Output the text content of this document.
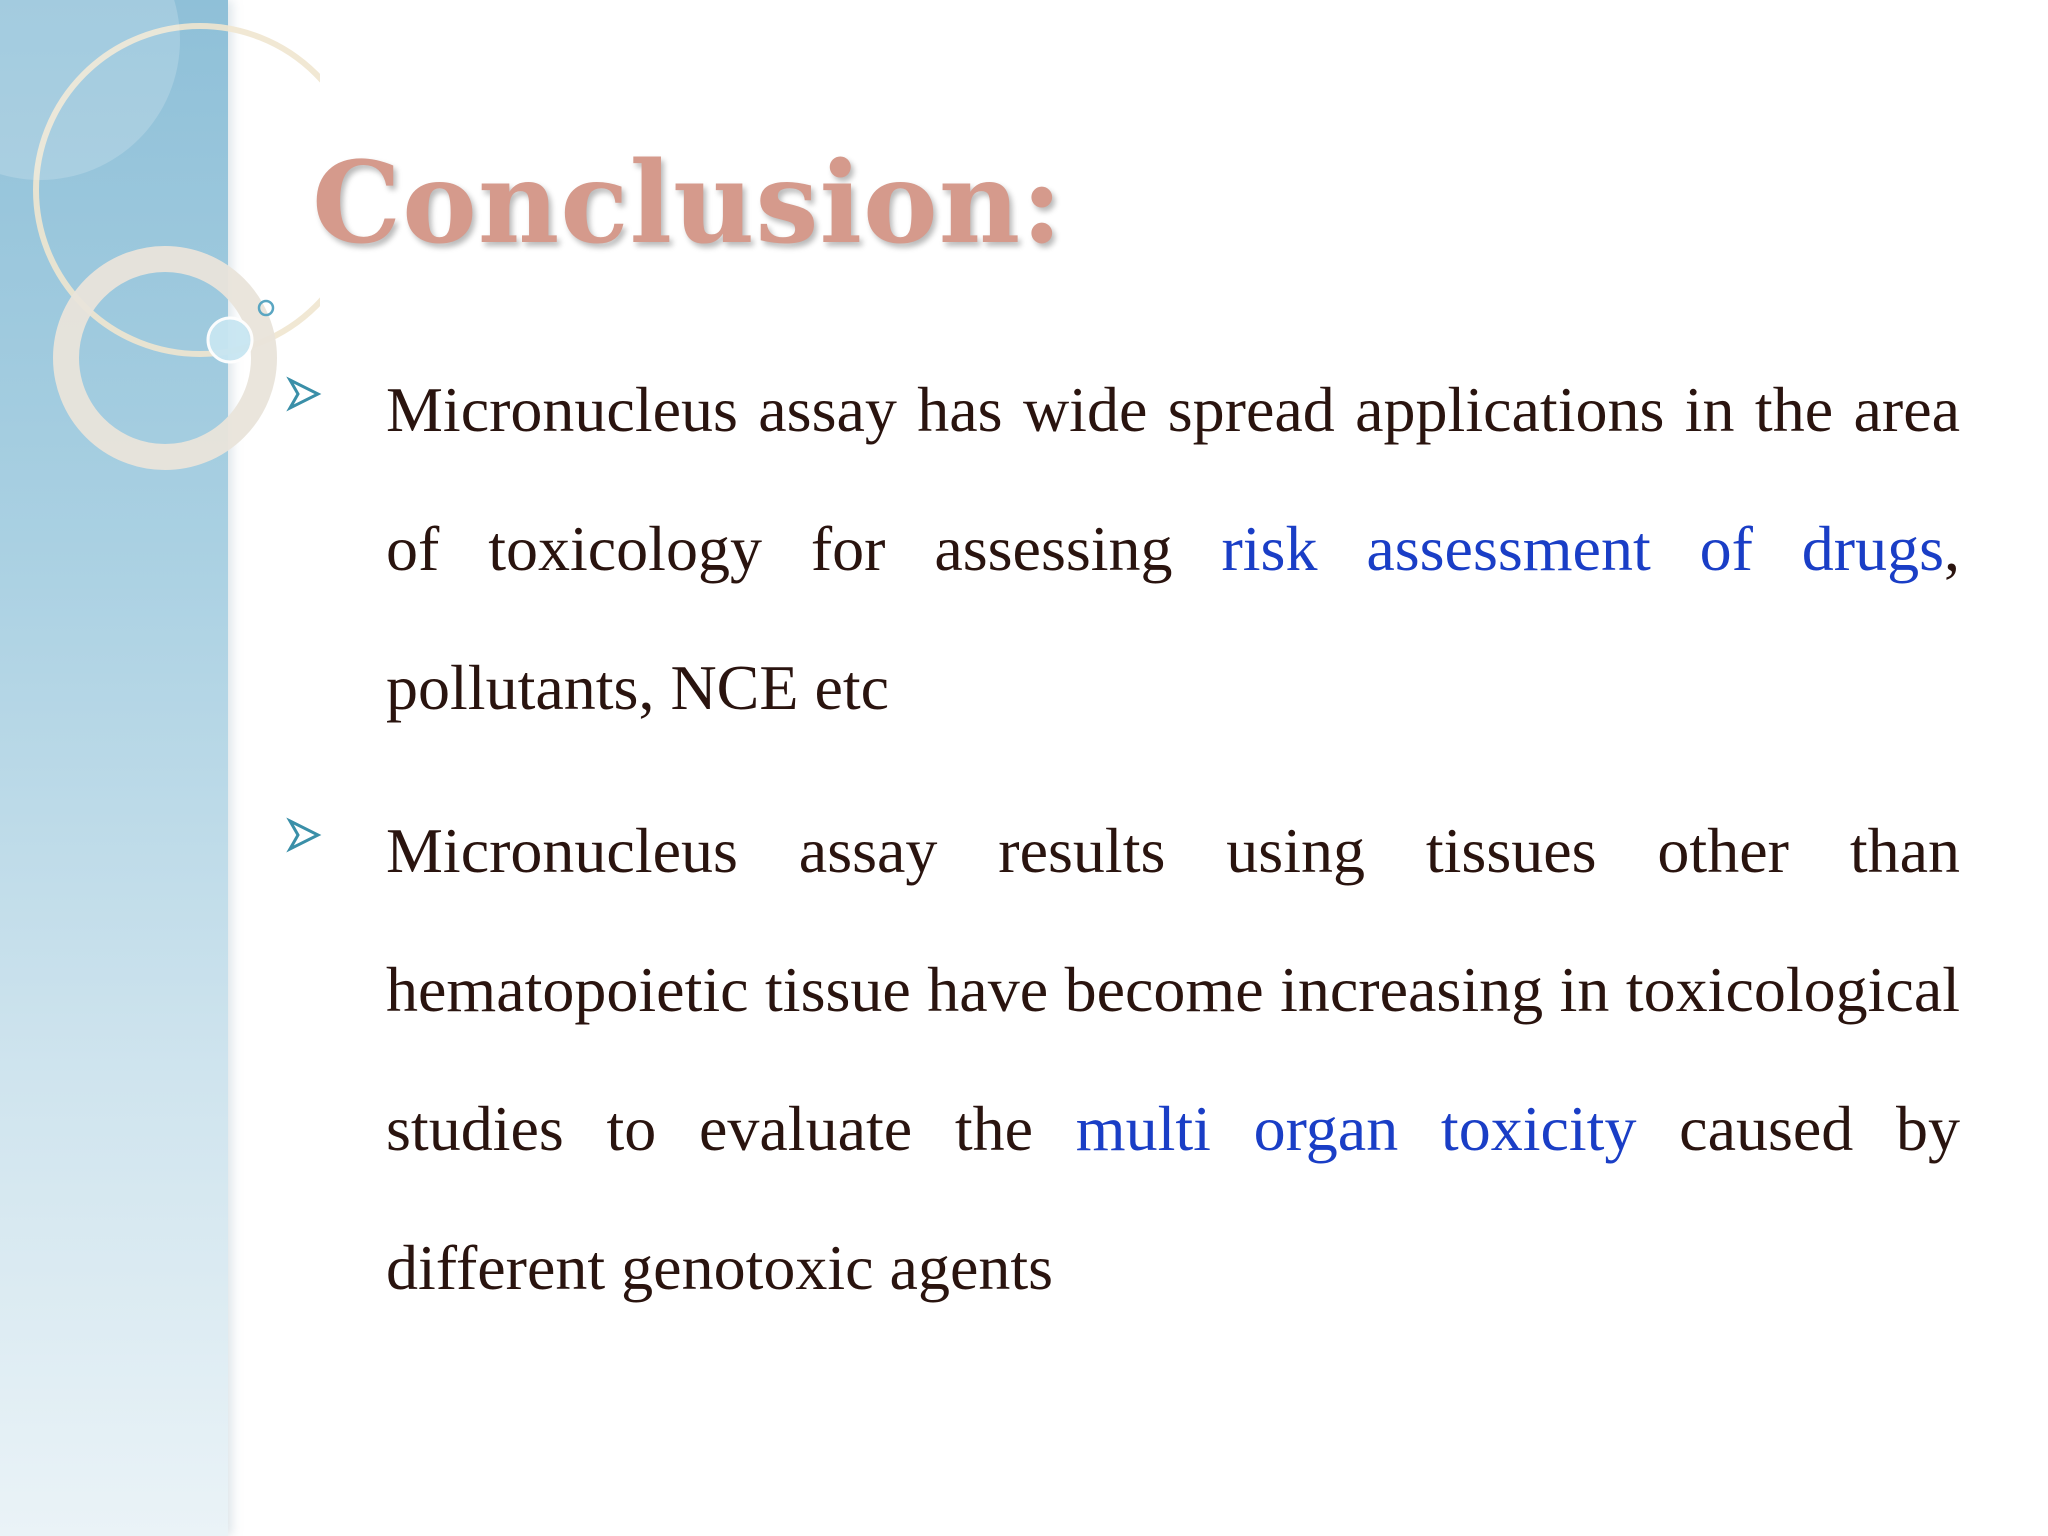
Conclusion:
Micronucleus assay has wide spread applications in the area of toxicology for assessing risk assessment of drugs, pollutants, NCE etc
Micronucleus assay results using tissues other than hematopoietic tissue have become increasing in toxicological studies to evaluate the multi organ toxicity caused by different genotoxic agents
